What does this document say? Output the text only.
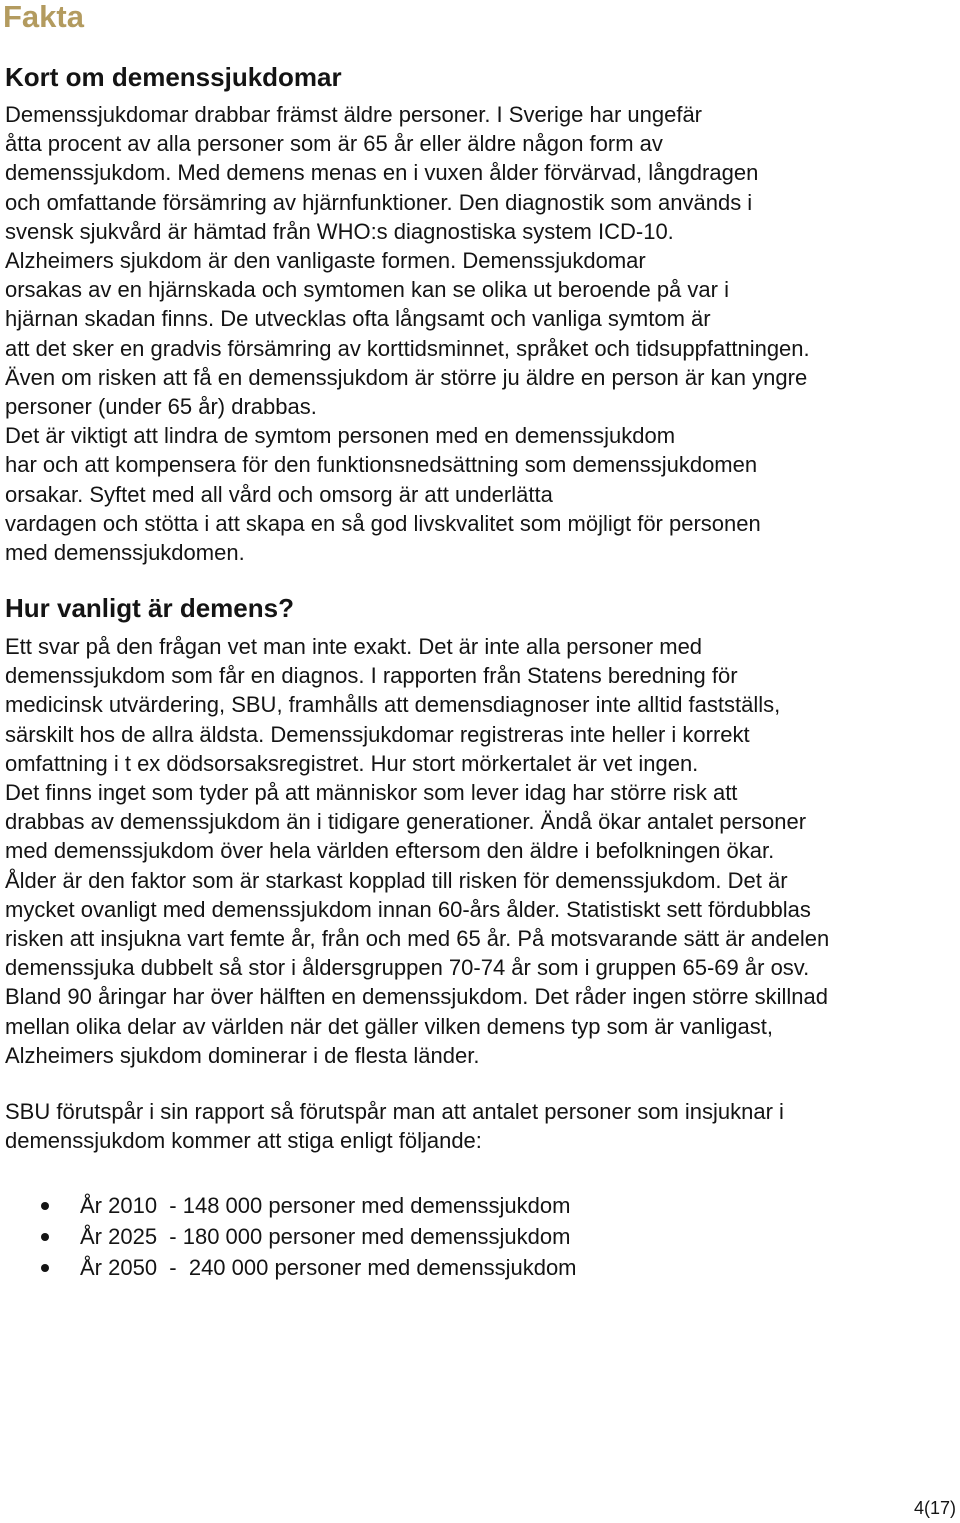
Fakta
Kort om demenssjukdomar

Demenssjukdomar drabbar främst äldre personer. I Sverige har ungefär
åtta procent av alla personer som är 65 år eller äldre någon form av
demenssjukdom. Med demens menas en i vuxen ålder förvärvad, långdragen
och omfattande försämring av hjärnfunktioner. Den diagnostik som används i
svensk sjukvård är hämtad från WHO:s diagnostiska system ICD-10.
Alzheimers sjukdom är den vanligaste formen. Demenssjukdomar
orsakas av en hjärnskada och symtomen kan se olika ut beroende på var i
hjärnan skadan finns. De utvecklas ofta långsamt och vanliga symtom är
att det sker en gradvis försämring av korttidsminnet, språket och tidsuppfattningen.
Även om risken att få en demenssjukdom är större ju äldre en person är kan yngre
personer (under 65 år) drabbas.
Det är viktigt att lindra de symtom personen med en demenssjukdom
har och att kompensera för den funktionsnedsättning som demenssjukdomen
orsakar. Syftet med all vård och omsorg är att underlätta
vardagen och stötta i att skapa en så god livskvalitet som möjligt för personen
med demenssjukdomen.

Hur vanligt är demens?

Ett svar på den frågan vet man inte exakt. Det är inte alla personer med
demenssjukdom som får en diagnos. I rapporten från Statens beredning för
medicinsk utvärdering, SBU, framhålls att demensdiagnoser inte alltid fastställs,
särskilt hos de allra äldsta. Demenssjukdomar registreras inte heller i korrekt
omfattning i t ex dödsorsaksregistret. Hur stort mörkertalet är vet ingen.
Det finns inget som tyder på att människor som lever idag har större risk att
drabbas av demenssjukdom än i tidigare generationer. Ändå ökar antalet personer
med demenssjukdom över hela världen eftersom den äldre i befolkningen ökar.
Ålder är den faktor som är starkast kopplad till risken för demenssjukdom. Det är
mycket ovanligt med demenssjukdom innan 60-års ålder. Statistiskt sett fördubblas
risken att insjukna vart femte år, från och med 65 år. På motsvarande sätt är andelen
demenssjuka dubbelt så stor i åldersgruppen 70-74 år som i gruppen 65-69 år osv.
Bland 90 åringar har över hälften en demenssjukdom. Det råder ingen större skillnad
mellan olika delar av världen när det gäller vilken demens typ som är vanligast,
Alzheimers sjukdom dominerar i de flesta länder.

SBU förutspår i sin rapport så förutspår man att antalet personer som insjuknar i
demenssjukdom kommer att stiga enligt följande:

År 2010  - 148 000 personer med demenssjukdom
År 2025  - 180 000 personer med demenssjukdom
År 2050  -  240 000 personer med demenssjukdom
4(17)
